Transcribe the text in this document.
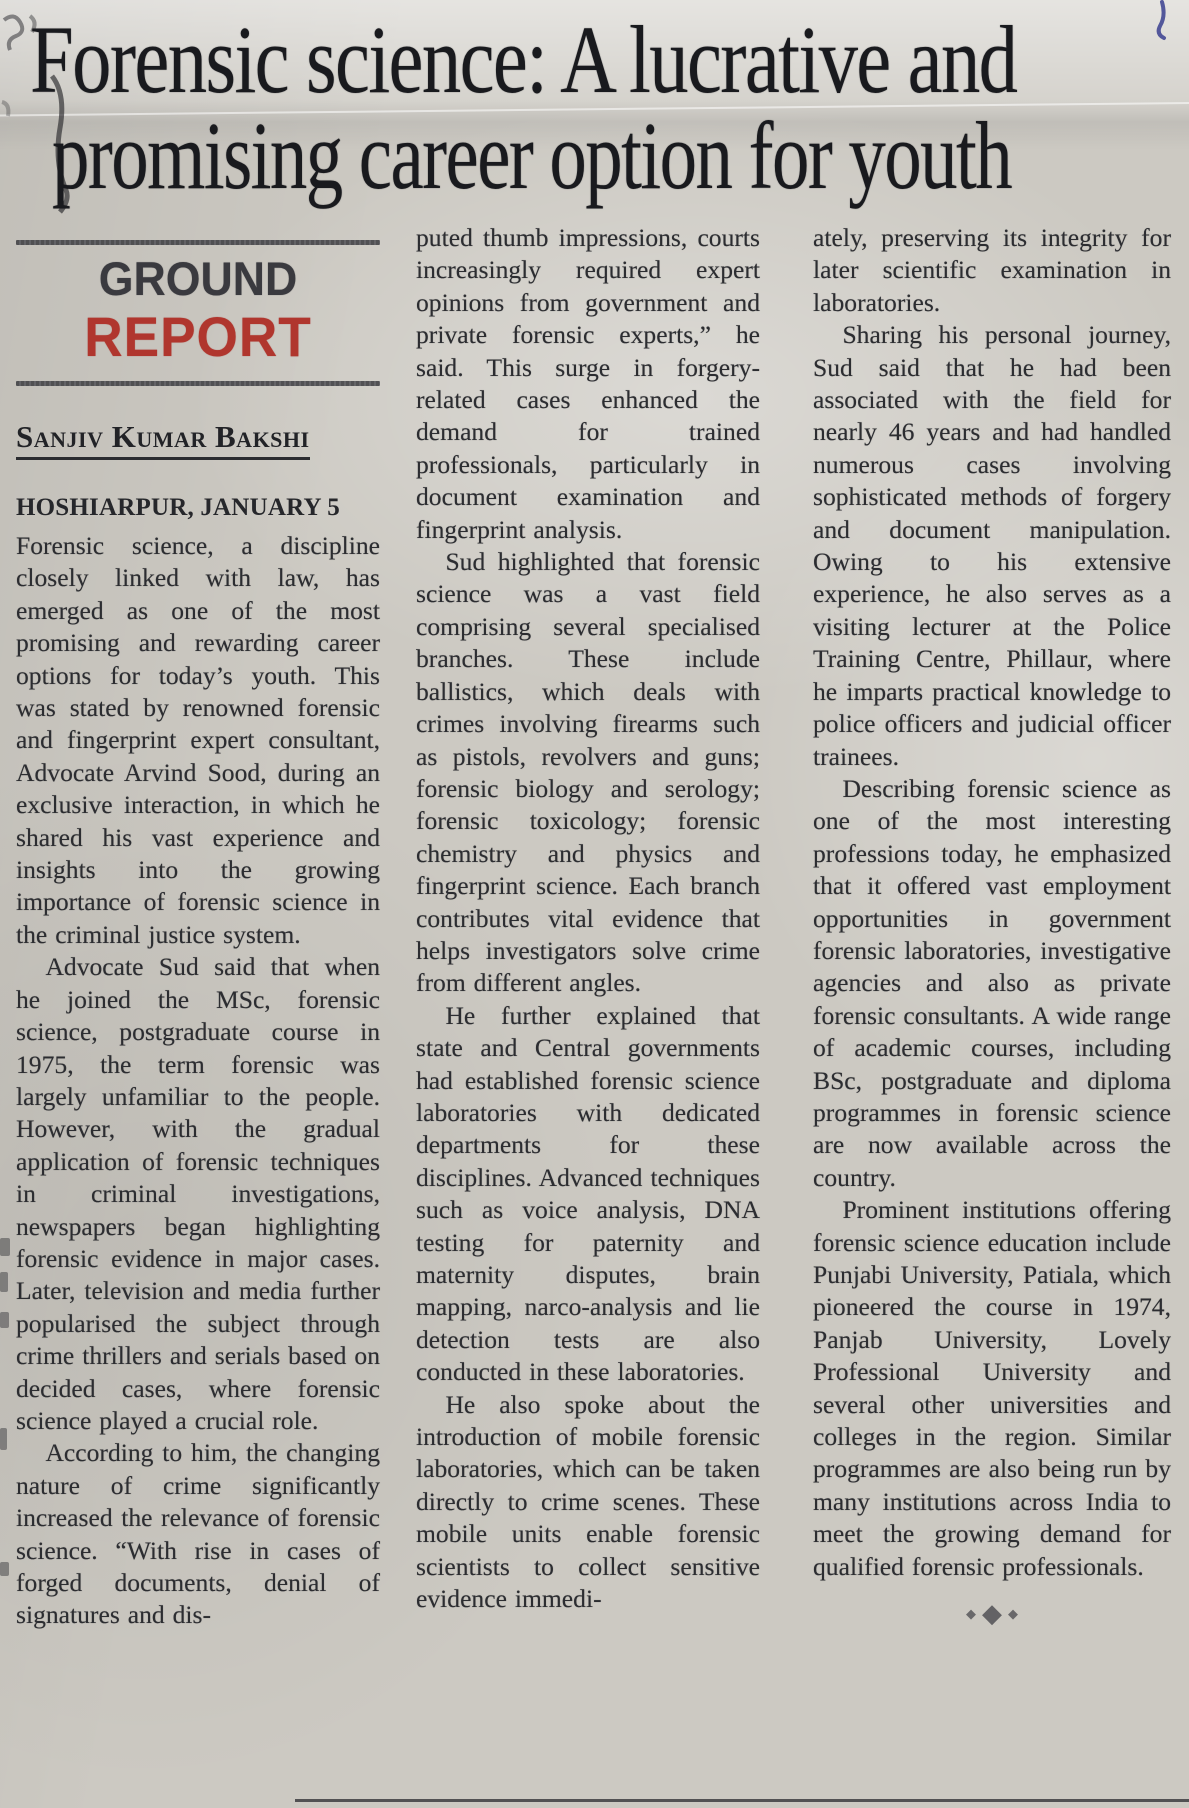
Forensic science: A lucrative and
promising career option for youth
GROUND
REPORT
Sanjiv Kumar Bakshi
HOSHIARPUR, JANUARY 5

Forensic science, a discipline closely linked with law, has emerged as one of the most promising and rewarding career options for today’s youth. This was stated by renowned forensic and fingerprint expert consultant, Advocate Arvind Sood, during an exclusive interaction, in which he shared his vast experience and insights into the growing importance of forensic science in the criminal justice system.

Advocate Sud said that when he joined the MSc, forensic science, postgraduate course in 1975, the term forensic was largely unfamiliar to the people. However, with the gradual application of forensic techniques in criminal investigations, newspapers began highlighting forensic evidence in major cases. Later, television and media further popularised the subject through crime thrillers and serials based on decided cases, where forensic science played a crucial role.

According to him, the changing nature of crime significantly increased the relevance of forensic science. “With rise in cases of forged documents, denial of signatures and dis-

puted thumb impressions, courts increasingly required expert opinions from government and private forensic experts,” he said. This surge in forgery-related cases enhanced the demand for trained professionals, particularly in document examination and fingerprint analysis.

Sud highlighted that forensic science was a vast field comprising several specialised branches. These include ballistics, which deals with crimes involving firearms such as pistols, revolvers and guns; forensic biology and serology; forensic toxicology; forensic chemistry and physics and fingerprint science. Each branch contributes vital evidence that helps investigators solve crime from different angles.

He further explained that state and Central governments had established forensic science laboratories with dedicated departments for these disciplines. Advanced techniques such as voice analysis, DNA testing for paternity and maternity disputes, brain mapping, narco-analysis and lie detection tests are also conducted in these laboratories.

He also spoke about the introduction of mobile forensic laboratories, which can be taken directly to crime scenes. These mobile units enable forensic scientists to collect sensitive evidence immedi-

ately, preserving its integrity for later scientific examination in laboratories.

Sharing his personal journey, Sud said that he had been associated with the field for nearly 46 years and had handled numerous cases involving sophisticated methods of forgery and document manipulation. Owing to his extensive experience, he also serves as a visiting lecturer at the Police Training Centre, Phillaur, where he imparts practical knowledge to police officers and judicial officer trainees.

Describing forensic science as one of the most interesting professions today, he emphasized that it offered vast employment opportunities in government forensic laboratories, investigative agencies and also as private forensic consultants. A wide range of academic courses, including BSc, postgraduate and diploma programmes in forensic science are now available across the country.

Prominent institutions offering forensic science education include Punjabi University, Patiala, which pioneered the course in 1974, Panjab University, Lovely Professional University and several other universities and colleges in the region. Similar programmes are also being run by many institutions across India to meet the growing demand for qualified forensic professionals.

◆ ◆ ◆
